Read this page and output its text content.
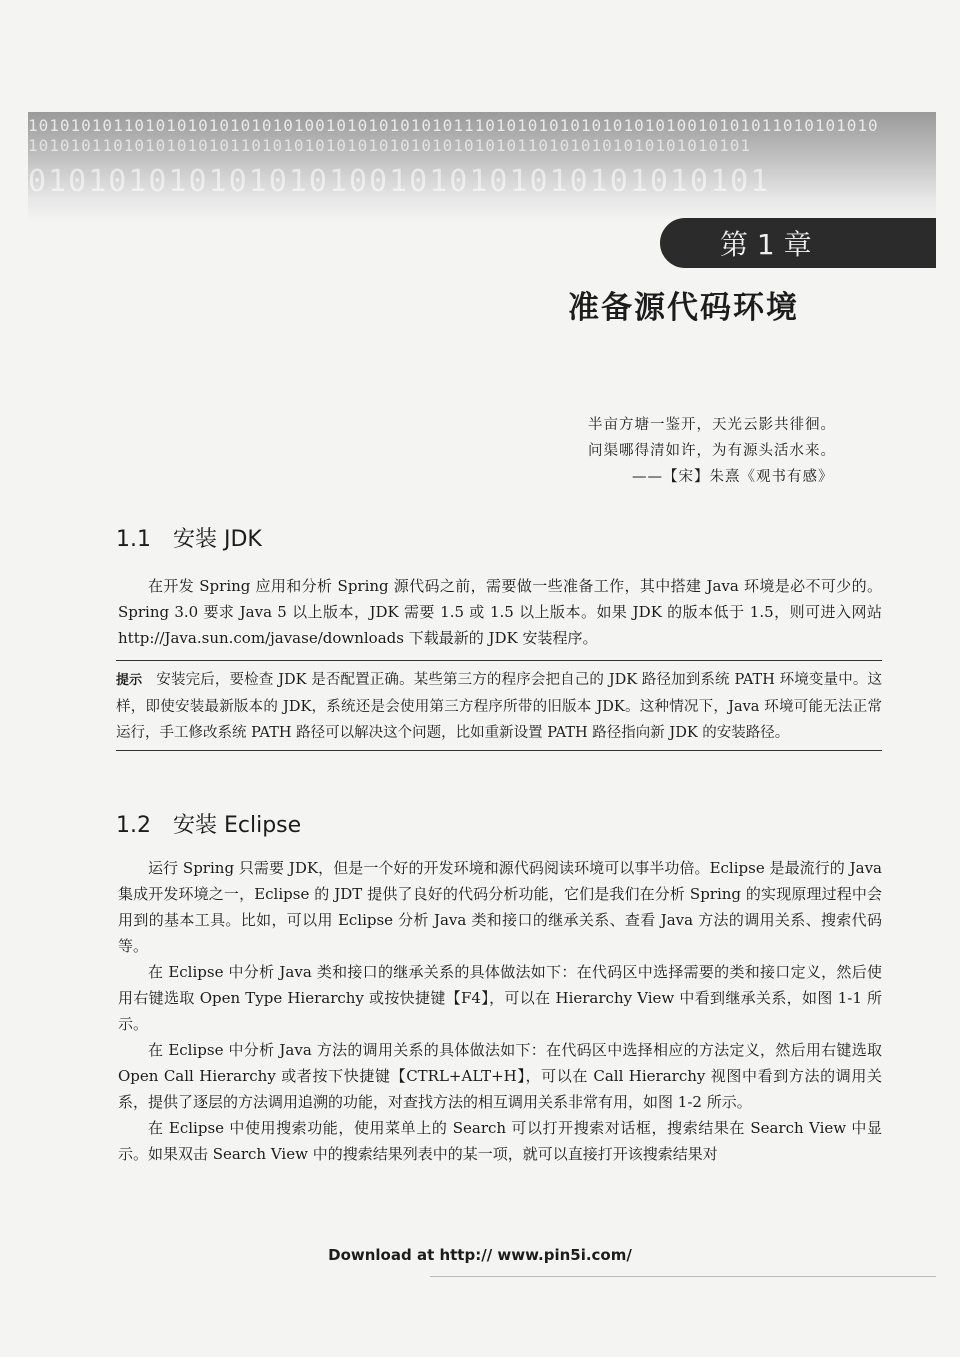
10101010110101010101010101001010101010101110101010101010101010010101011010101010
10101011010101010101101010101010101010101010101101010101010101010101
0101010101010101001010101010101010101
第 1 章
准备源代码环境
半亩方塘一鉴开，天光云影共徘徊。
问渠哪得清如许，为有源头活水来。
——【宋】朱熹《观书有感》
1.1 安装 JDK

在开发 Spring 应用和分析 Spring 源代码之前，需要做一些准备工作，其中搭建 Java 环境是必不可少的。Spring 3.0 要求 Java 5 以上版本，JDK 需要 1.5 或 1.5 以上版本。如果 JDK 的版本低于 1.5，则可进入网站 http://Java.sun.com/javase/downloads 下载最新的 JDK 安装程序。

提示 安装完后，要检查 JDK 是否配置正确。某些第三方的程序会把自己的 JDK 路径加到系统 PATH 环境变量中。这样，即使安装最新版本的 JDK，系统还是会使用第三方程序所带的旧版本 JDK。这种情况下，Java 环境可能无法正常运行，手工修改系统 PATH 路径可以解决这个问题，比如重新设置 PATH 路径指向新 JDK 的安装路径。
1.2 安装 Eclipse

运行 Spring 只需要 JDK，但是一个好的开发环境和源代码阅读环境可以事半功倍。Eclipse 是最流行的 Java 集成开发环境之一，Eclipse 的 JDT 提供了良好的代码分析功能，它们是我们在分析 Spring 的实现原理过程中会用到的基本工具。比如，可以用 Eclipse 分析 Java 类和接口的继承关系、查看 Java 方法的调用关系、搜索代码等。

在 Eclipse 中分析 Java 类和接口的继承关系的具体做法如下：在代码区中选择需要的类和接口定义，然后使用右键选取 Open Type Hierarchy 或按快捷键【F4】，可以在 Hierarchy View 中看到继承关系，如图 1-1 所示。

在 Eclipse 中分析 Java 方法的调用关系的具体做法如下：在代码区中选择相应的方法定义，然后用右键选取 Open Call Hierarchy 或者按下快捷键【CTRL+ALT+H】，可以在 Call Hierarchy 视图中看到方法的调用关系，提供了逐层的方法调用追溯的功能，对查找方法的相互调用关系非常有用，如图 1-2 所示。

在 Eclipse 中使用搜索功能，使用菜单上的 Search 可以打开搜索对话框，搜索结果在 Search View 中显示。如果双击 Search View 中的搜索结果列表中的某一项，就可以直接打开该搜索结果对

Download at http:// www.pin5i.com/
